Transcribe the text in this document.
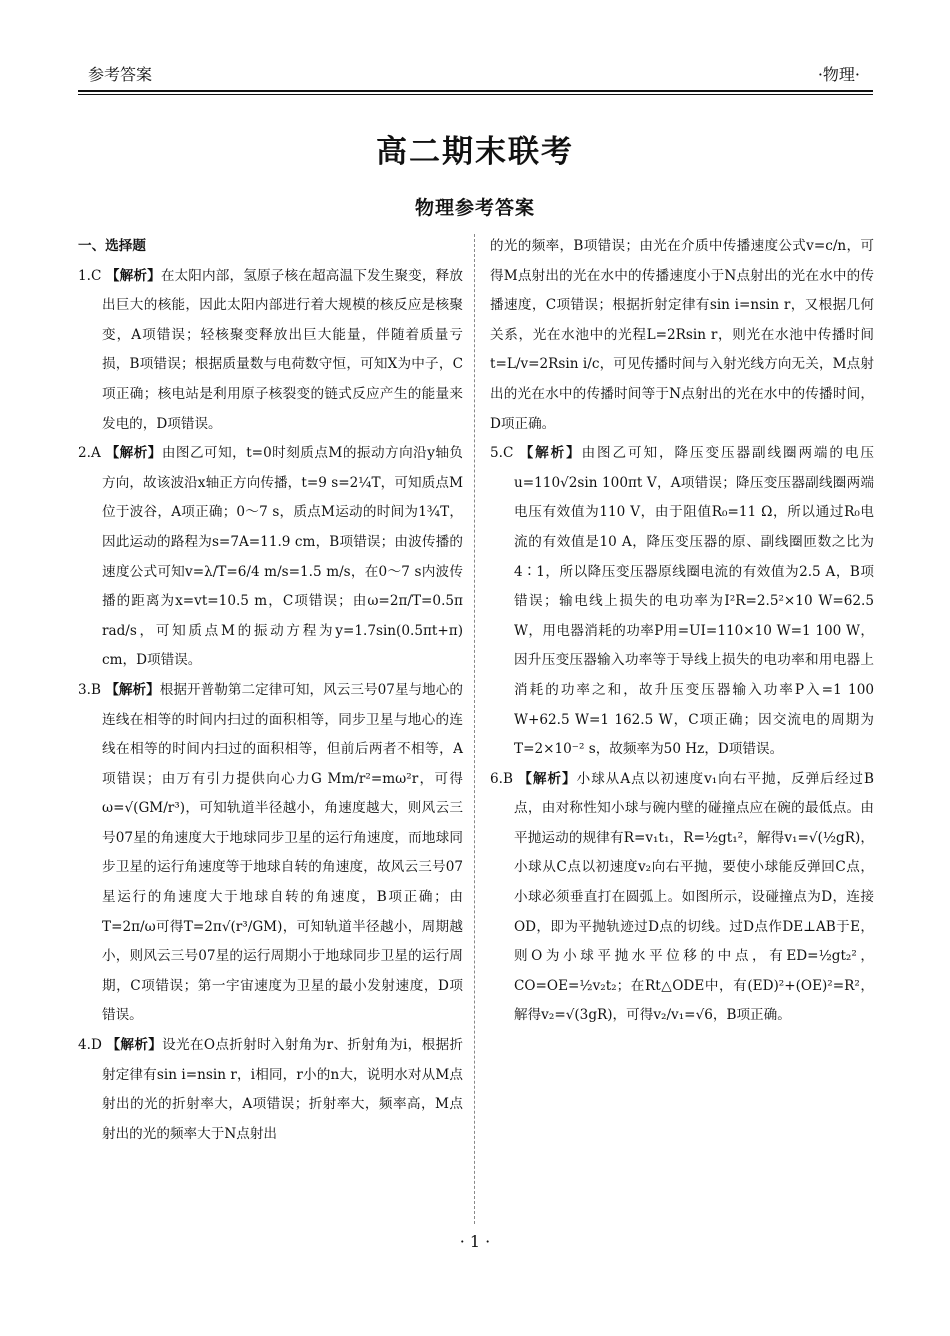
参考答案	·物理·
高二期末联考
物理参考答案
一、选择题

1.C 【解析】在太阳内部，氢原子核在超高温下发生聚变，释放出巨大的核能，因此太阳内部进行着大规模的核反应是核聚变，A项错误；轻核聚变释放出巨大能量，伴随着质量亏损，B项错误；根据质量数与电荷数守恒，可知X为中子，C项正确；核电站是利用原子核裂变的链式反应产生的能量来发电的，D项错误。

2.A 【解析】由图乙可知，t=0时刻质点M的振动方向沿y轴负方向，故该波沿x轴正方向传播，t=9 s=2¼T，可知质点M位于波谷，A项正确；0～7 s，质点M运动的时间为1¾T，因此运动的路程为s=7A=11.9 cm，B项错误；由波传播的速度公式可知v=λ/T=6/4 m/s=1.5 m/s，在0～7 s内波传播的距离为x=vt=10.5 m，C项错误；由ω=2π/T=0.5π rad/s，可知质点M的振动方程为y=1.7sin(0.5πt+π) cm，D项错误。

3.B 【解析】根据开普勒第二定律可知，风云三号07星与地心的连线在相等的时间内扫过的面积相等，同步卫星与地心的连线在相等的时间内扫过的面积相等，但前后两者不相等，A项错误；由万有引力提供向心力G Mm/r²=mω²r，可得ω=√(GM/r³)，可知轨道半径越小，角速度越大，则风云三号07星的角速度大于地球同步卫星的运行角速度，而地球同步卫星的运行角速度等于地球自转的角速度，故风云三号07星运行的角速度大于地球自转的角速度，B项正确；由T=2π/ω可得T=2π√(r³/GM)，可知轨道半径越小，周期越小，则风云三号07星的运行周期小于地球同步卫星的运行周期，C项错误；第一宇宙速度为卫星的最小发射速度，D项错误。

4.D 【解析】设光在O点折射时入射角为r、折射角为i，根据折射定律有sin i=nsin r，i相同，r小的n大，说明水对从M点射出的光的折射率大，A项错误；折射率大，频率高，M点射出的光的频率大于N点射出

的光的频率，B项错误；由光在介质中传播速度公式v=c/n，可得M点射出的光在水中的传播速度小于N点射出的光在水中的传播速度，C项错误；根据折射定律有sin i=nsin r，又根据几何关系，光在水池中的光程L=2Rsin r，则光在水池中传播时间t=L/v=2Rsin i/c，可见传播时间与入射光线方向无关，M点射出的光在水中的传播时间等于N点射出的光在水中的传播时间，D项正确。

5.C 【解析】由图乙可知，降压变压器副线圈两端的电压u=110√2sin 100πt V，A项错误；降压变压器副线圈两端电压有效值为110 V，由于阻值R₀=11 Ω，所以通过R₀电流的有效值是10 A，降压变压器的原、副线圈匝数之比为4∶1，所以降压变压器原线圈电流的有效值为2.5 A，B项错误；输电线上损失的电功率为I²R=2.5²×10 W=62.5 W，用电器消耗的功率P用=UI=110×10 W=1 100 W，因升压变压器输入功率等于导线上损失的电功率和用电器上消耗的功率之和，故升压变压器输入功率P入=1 100 W+62.5 W=1 162.5 W，C项正确；因交流电的周期为T=2×10⁻² s，故频率为50 Hz，D项错误。

6.B 【解析】小球从A点以初速度v₁向右平抛，反弹后经过B点，由对称性知小球与碗内壁的碰撞点应在碗的最低点。由平抛运动的规律有R=v₁t₁，R=½gt₁²，解得v₁=√(½gR)，小球从C点以初速度v₂向右平抛，要使小球能反弹回C点，小球必须垂直打在圆弧上。如图所示，设碰撞点为D，连接OD，即为平抛轨迹过D点的切线。过D点作DE⊥AB于E，则O为小球平抛水平位移的中点，有ED=½gt₂²，CO=OE=½v₂t₂；在Rt△ODE中，有(ED)²+(OE)²=R²，解得v₂=√(3gR)，可得v₂/v₁=√6，B项正确。

· 1 ·
